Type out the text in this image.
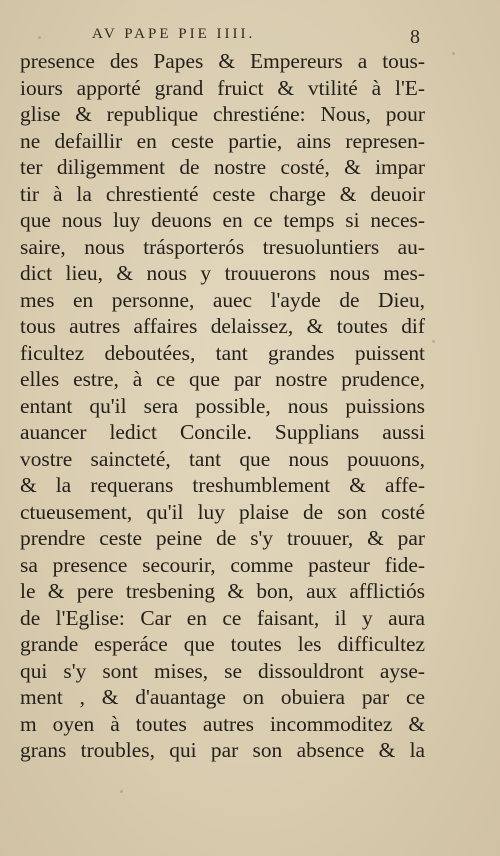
AV PAPE PIE IIII.	8
presence des Papes & Empereurs a tous-
iours apporté grand fruict & vtilité à l'E-
glise & republique chrestiéne: Nous, pour
ne defaillir en ceste partie, ains represen-
ter diligemment de nostre costé, & impar
tir à la chrestienté ceste charge & deuoir
que nous luy deuons en ce temps si neces-
saire, nous trásporterós tresuoluntiers au-
dict lieu, & nous y trouuerons nous mes-
mes en personne, auec l'ayde de Dieu,
tous autres affaires delaissez, & toutes dif
ficultez deboutées, tant grandes puissent
elles estre, à ce que par nostre prudence,
entant qu'il sera possible, nous puissions
auancer ledict Concile. Supplians aussi
vostre saincteté, tant que nous pouuons,
& la requerans treshumblement & affe-
ctueusement, qu'il luy plaise de son costé
prendre ceste peine de s'y trouuer, & par
sa presence secourir, comme pasteur fide-
le & pere tresbening & bon, aux afflictiós
de l'Eglise: Car en ce faisant, il y aura
grande esperáce que toutes les difficultez
qui s'y sont mises, se dissouldront ayse-
ment , & d'auantage on obuiera par ce
m oyen à toutes autres incommoditez &
grans troubles, qui par son absence & la
